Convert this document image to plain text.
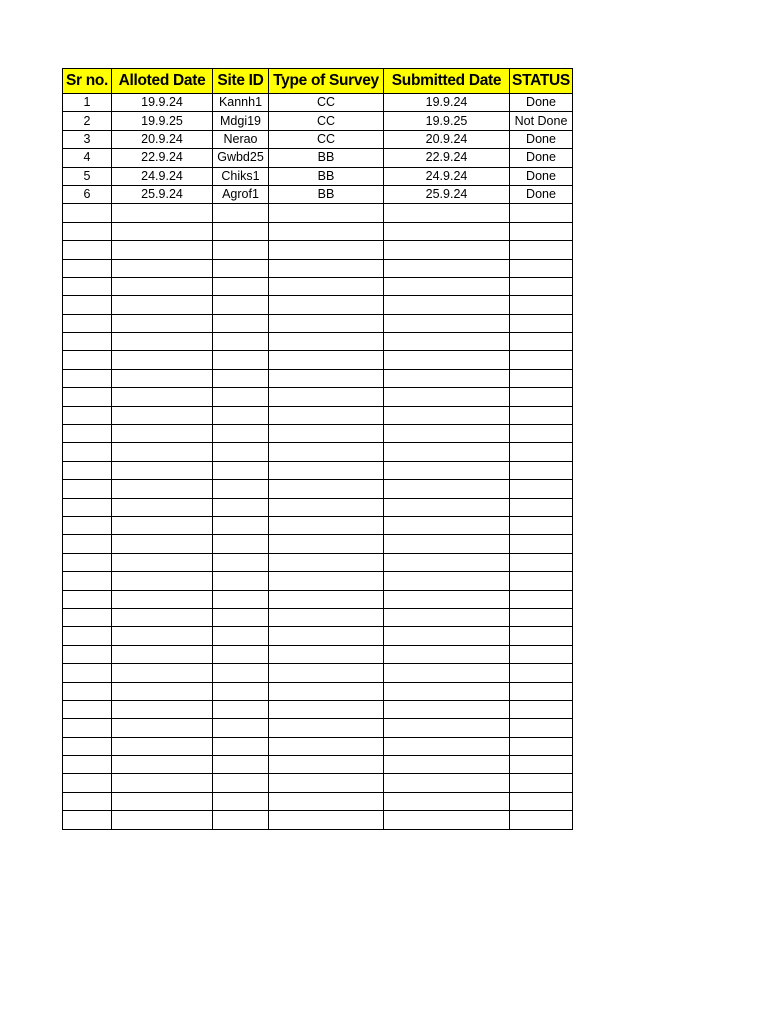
Sr no.	Alloted Date	Site ID	Type of Survey	Submitted Date	STATUS
1	19.9.24	Kannh1	CC	19.9.24	Done
2	19.9.25	Mdgi19	CC	19.9.25	Not Done
3	20.9.24	Nerao	CC	20.9.24	Done
4	22.9.24	Gwbd25	BB	22.9.24	Done
5	24.9.24	Chiks1	BB	24.9.24	Done
6	25.9.24	Agrof1	BB	25.9.24	Done
